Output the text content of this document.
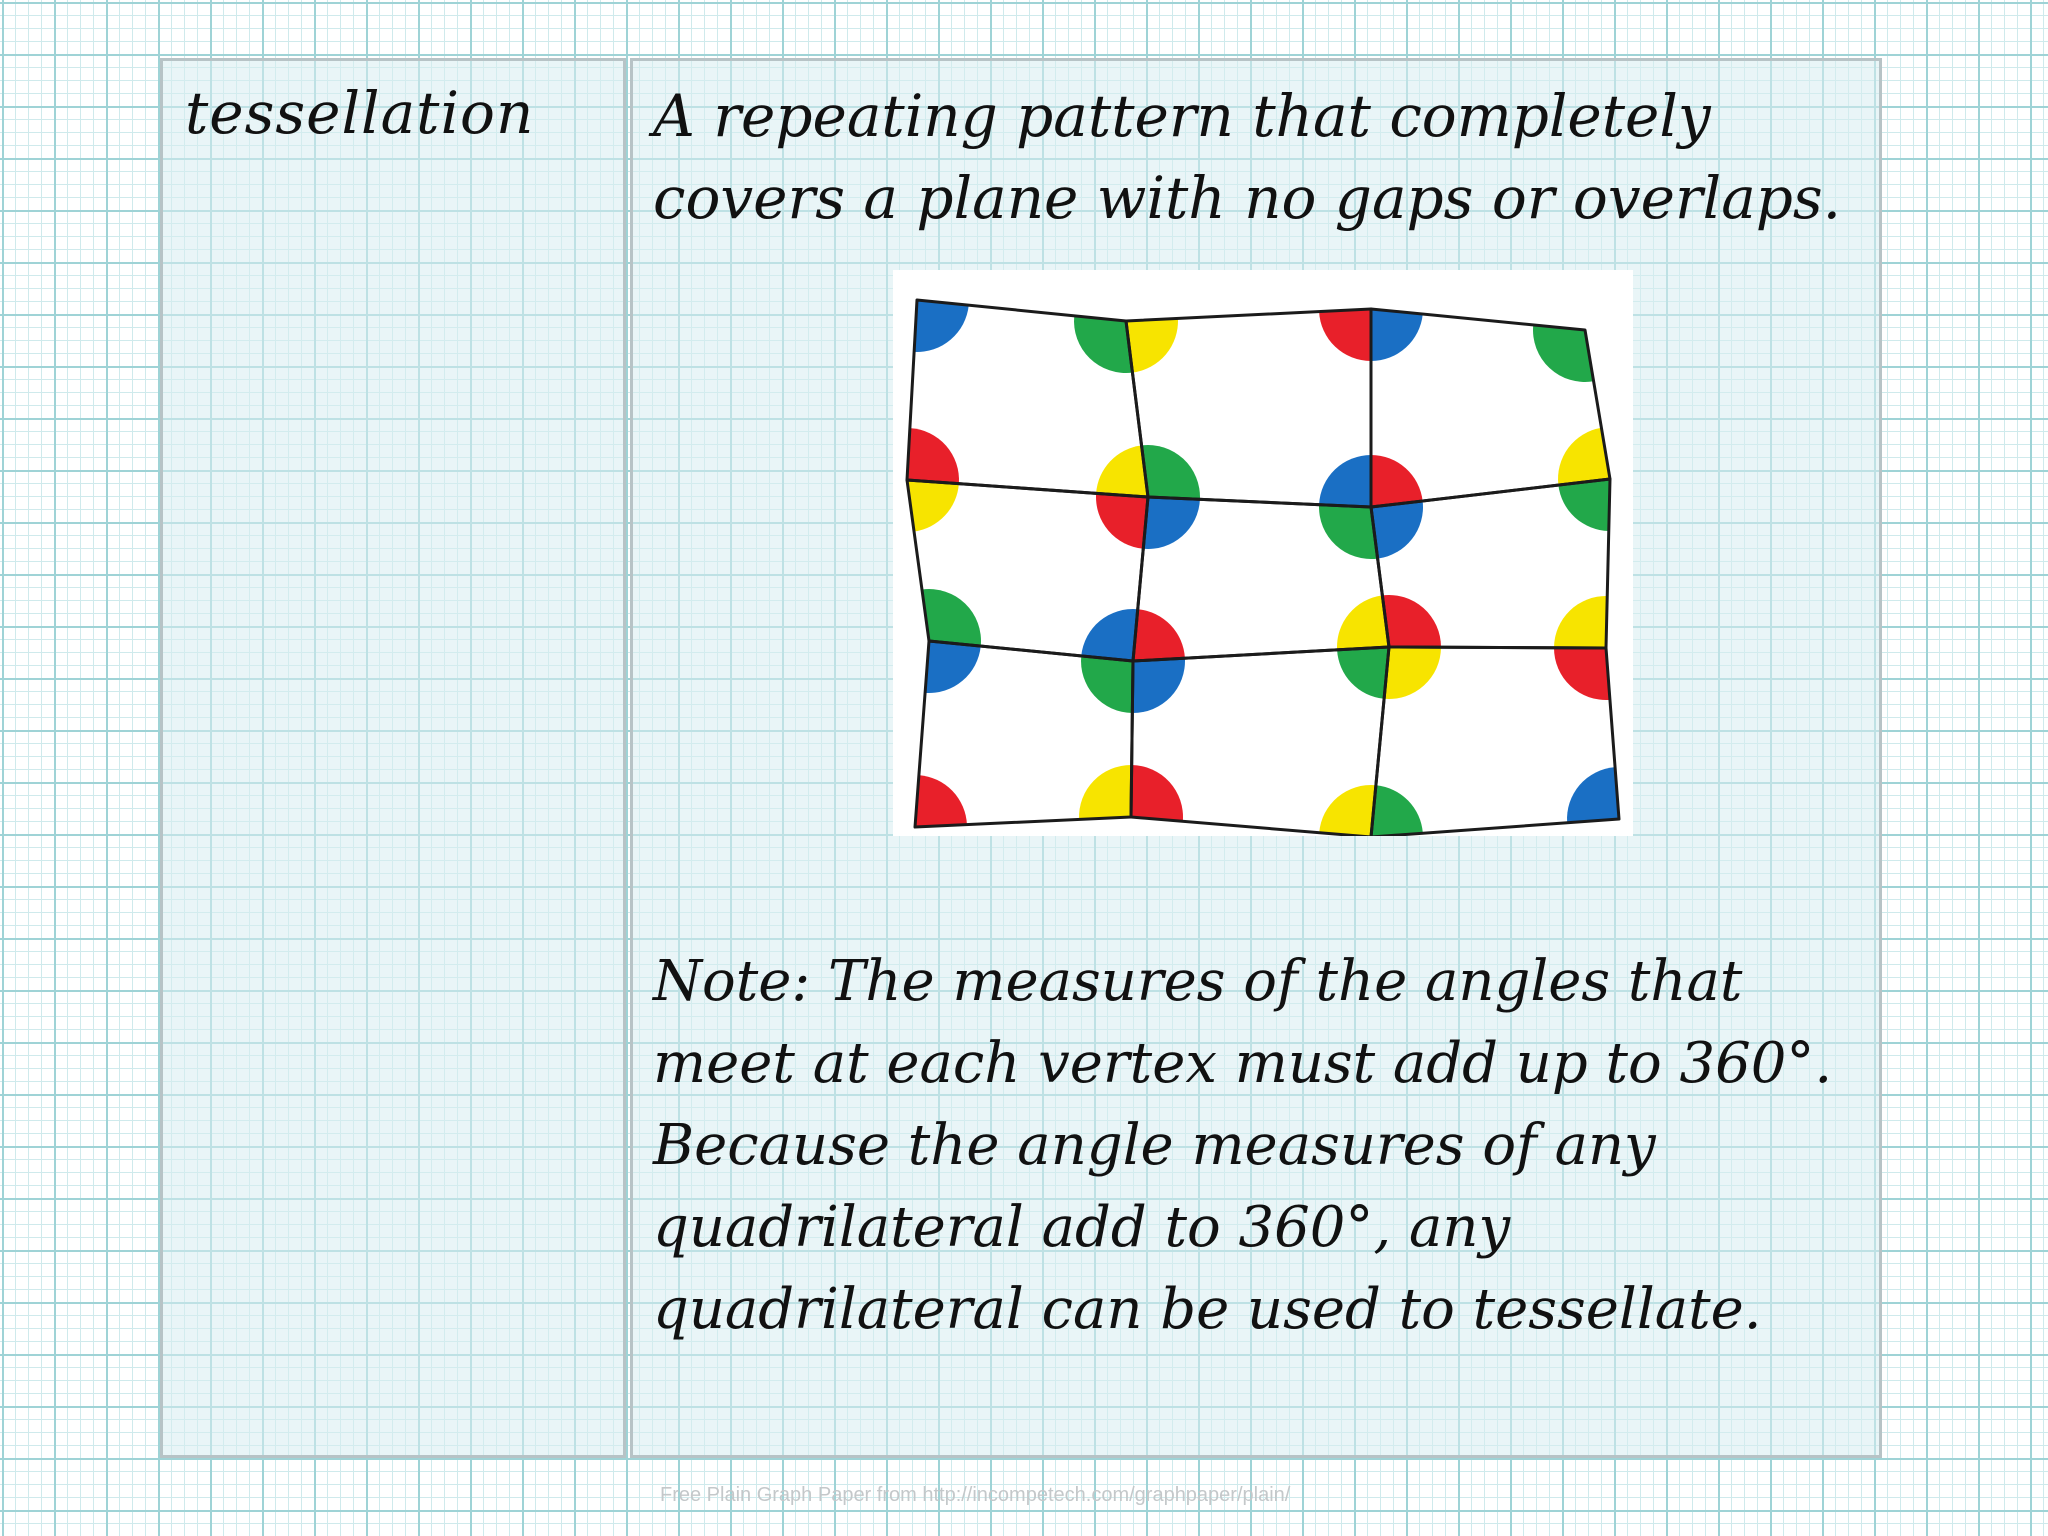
tessellation A repeating pattern that completely covers a plane with no gaps or overlaps.

Note: The measures of the angles that meet at each vertex must add up to 360°. Because the angle measures of any quadrilateral add to 360°, any quadrilateral can be used to tessellate.

Free Plain Graph Paper from http://incompetech.com/graphpaper/plain/
